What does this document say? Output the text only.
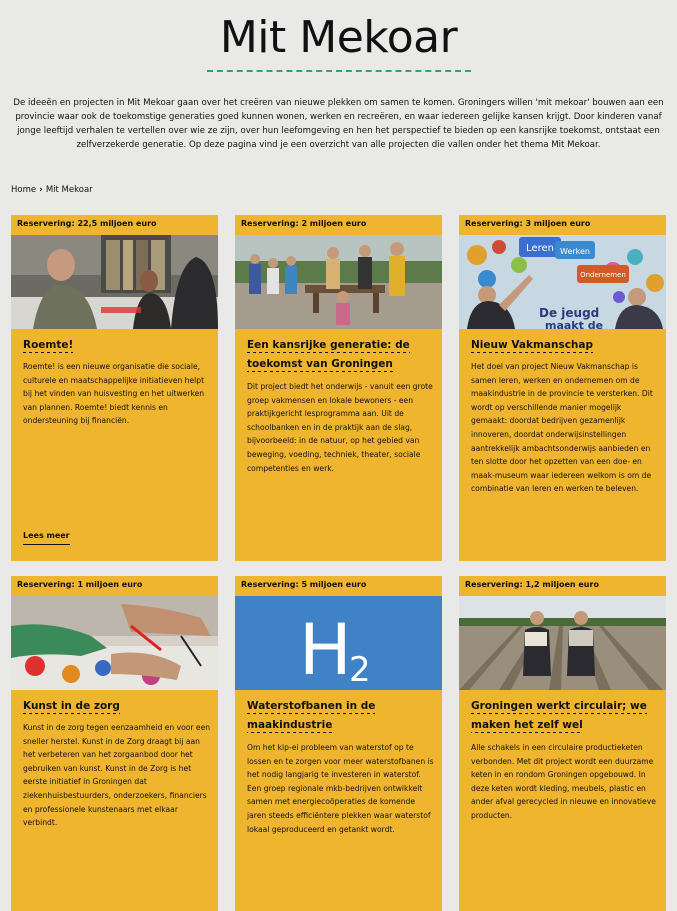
Mit Mekoar

De ideeën en projecten in Mit Mekoar gaan over het creëren van nieuwe plekken om samen te komen. Groningers willen 'mit mekoar' bouwen aan een provincie waar ook de toekomstige generaties goed kunnen wonen, werken en recreëren, en waar iedereen gelijke kansen krijgt. Door kinderen vanaf jonge leeftijd verhalen te vertellen over wie ze zijn, over hun leefomgeving en hen het perspectief te bieden op een kansrijke toekomst, ontstaat een zelfverzekerde generatie. Op deze pagina vind je een overzicht van alle projecten die vallen onder het thema Mit Mekoar.

Home › Mit Mekoar
Reservering: 22,5 miljoen euro
Roemte!

Roemte! is een nieuwe organisatie die sociale, culturele en maatschappelijke initiatieven helpt bij het vinden van huisvesting en het uitwerken van plannen. Roemte! biedt kennis en ondersteuning bij financiën.

Lees meer
Reservering: 2 miljoen euro
Een kansrijke generatie: de toekomst van Groningen

Dit project biedt het onderwijs - vanuit een grote groep vakmensen en lokale bewoners - een praktijkgericht lesprogramma aan. Uit de schoolbanken en in de praktijk aan de slag, bijvoorbeeld: in de natuur, op het gebied van beweging, voeding, techniek, theater, sociale competenties en werk.

Reservering: 3 miljoen euro
Leren Werken
Ondernemen
De jeugd
maakt de
Nieuw Vakmanschap

Het doel van project Nieuw Vakmanschap is samen leren, werken en ondernemen om de maakindustrie in de provincie te versterken. Dit wordt op verschillende manier mogelijk gemaakt: doordat bedrijven gezamenlijk innoveren, doordat onderwijsinstellingen aantrekkelijk ambachtsonderwijs aanbieden en ten slotte door het opzetten van een doe- en maak-museum waar iedereen welkom is om de combinatie van leren en werken te beleven.

Reservering: 1 miljoen euro
Kunst in de zorg

Kunst in de zorg tegen eenzaamheid en voor een sneller herstel. Kunst in de Zorg draagt bij aan het verbeteren van het zorgaanbod door het gebruiken van kunst. Kunst in de Zorg is het eerste initiatief in Groningen dat ziekenhuisbestuurders, onderzoekers, financiers en professionele kunstenaars met elkaar verbindt.

Reservering: 5 miljoen euro
H
2
Waterstofbanen in de maakindustrie

Om het kip-ei probleem van waterstof op te lossen en te zorgen voor meer waterstofbanen is het nodig langjarig te investeren in waterstof. Een groep regionale mkb-bedrijven ontwikkelt samen met energiecoöperaties de komende jaren steeds efficiëntere plekken waar waterstof lokaal geproduceerd en getankt wordt.

Reservering: 1,2 miljoen euro
Groningen werkt circulair; we maken het zelf wel

Alle schakels in een circulaire productieketen verbonden. Met dit project wordt een duurzame keten in en rondom Groningen opgebouwd. In deze keten wordt kleding, meubels, plastic en ander afval gerecycled in nieuwe en innovatieve producten.
